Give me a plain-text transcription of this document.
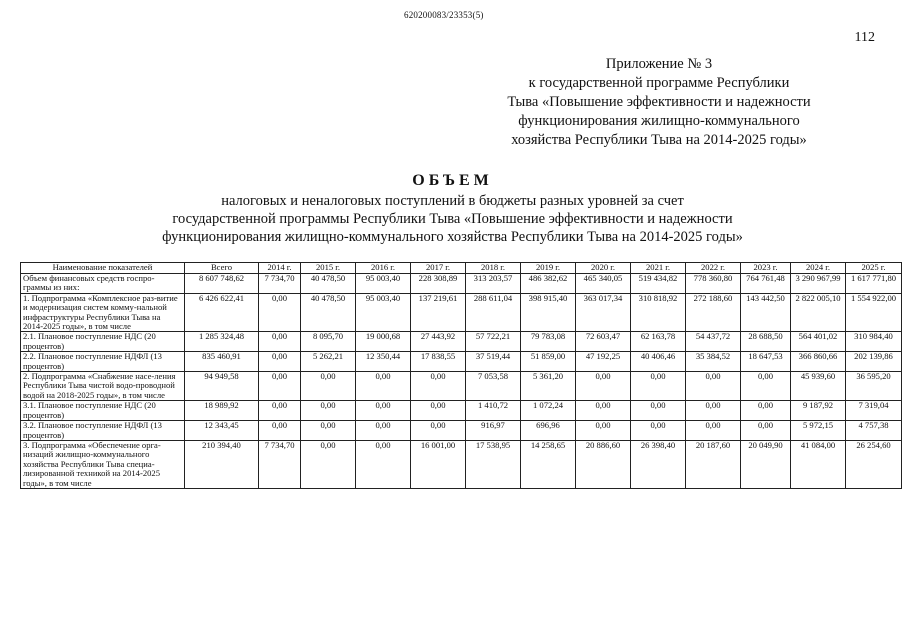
620200083/23353(5)
112
Приложение № 3
к государственной программе Республики
Тыва «Повышение эффективности и надежности
функционирования жилищно-коммунального
хозяйства Республики Тыва на 2014-2025 годы»
ОБЪЕМ
налоговых и неналоговых поступлений в бюджеты разных уровней за счет
государственной программы Республики Тыва «Повышение эффективности и надежности
функционирования жилищно-коммунального хозяйства Республики Тыва на 2014-2025 годы»
Наименование показателей	Всего	2014 г.	2015 г.	2016 г.	2017 г.	2018 г.	2019 г.	2020 г.	2021 г.	2022 г.	2023 г.	2024 г.	2025 г.
Объем финансовых средств госпро-граммы из них:	8 607 748,62	7 734,70	40 478,50	95 003,40	228 308,89	313 203,57	486 382,62	465 340,05	519 434,82	778 360,80	764 761,48	3 290 967,99	1 617 771,80
1. Подпрограмма «Комплексное раз-витие и модернизация систем комму-нальной инфраструктуры Республики Тыва на 2014-2025 годы», в том числе	6 426 622,41	0,00	40 478,50	95 003,40	137 219,61	288 611,04	398 915,40	363 017,34	310 818,92	272 188,60	143 442,50	2 822 005,10	1 554 922,00
2.1. Плановое поступление НДС (20 процентов)	1 285 324,48	0,00	8 095,70	19 000,68	27 443,92	57 722,21	79 783,08	72 603,47	62 163,78	54 437,72	28 688,50	564 401,02	310 984,40
2.2. Плановое поступление НДФЛ (13 процентов)	835 460,91	0,00	5 262,21	12 350,44	17 838,55	37 519,44	51 859,00	47 192,25	40 406,46	35 384,52	18 647,53	366 860,66	202 139,86
2. Подпрограмма «Снабжение насе-ления Республики Тыва чистой водо-проводной водой на 2018-2025 годы», в том числе	94 949,58	0,00	0,00	0,00	0,00	7 053,58	5 361,20	0,00	0,00	0,00	0,00	45 939,60	36 595,20
3.1. Плановое поступление НДС (20 процентов)	18 989,92	0,00	0,00	0,00	0,00	1 410,72	1 072,24	0,00	0,00	0,00	0,00	9 187,92	7 319,04
3.2. Плановое поступление НДФЛ (13 процентов)	12 343,45	0,00	0,00	0,00	0,00	916,97	696,96	0,00	0,00	0,00	0,00	5 972,15	4 757,38
3. Подпрограмма «Обеспечение орга-низаций жилищно-коммунального хозяйства Республики Тыва специа-лизированной техникой на 2014-2025 годы», в том числе	210 394,40	7 734,70	0,00	0,00	16 001,00	17 538,95	14 258,65	20 886,60	26 398,40	20 187,60	20 049,90	41 084,00	26 254,60
